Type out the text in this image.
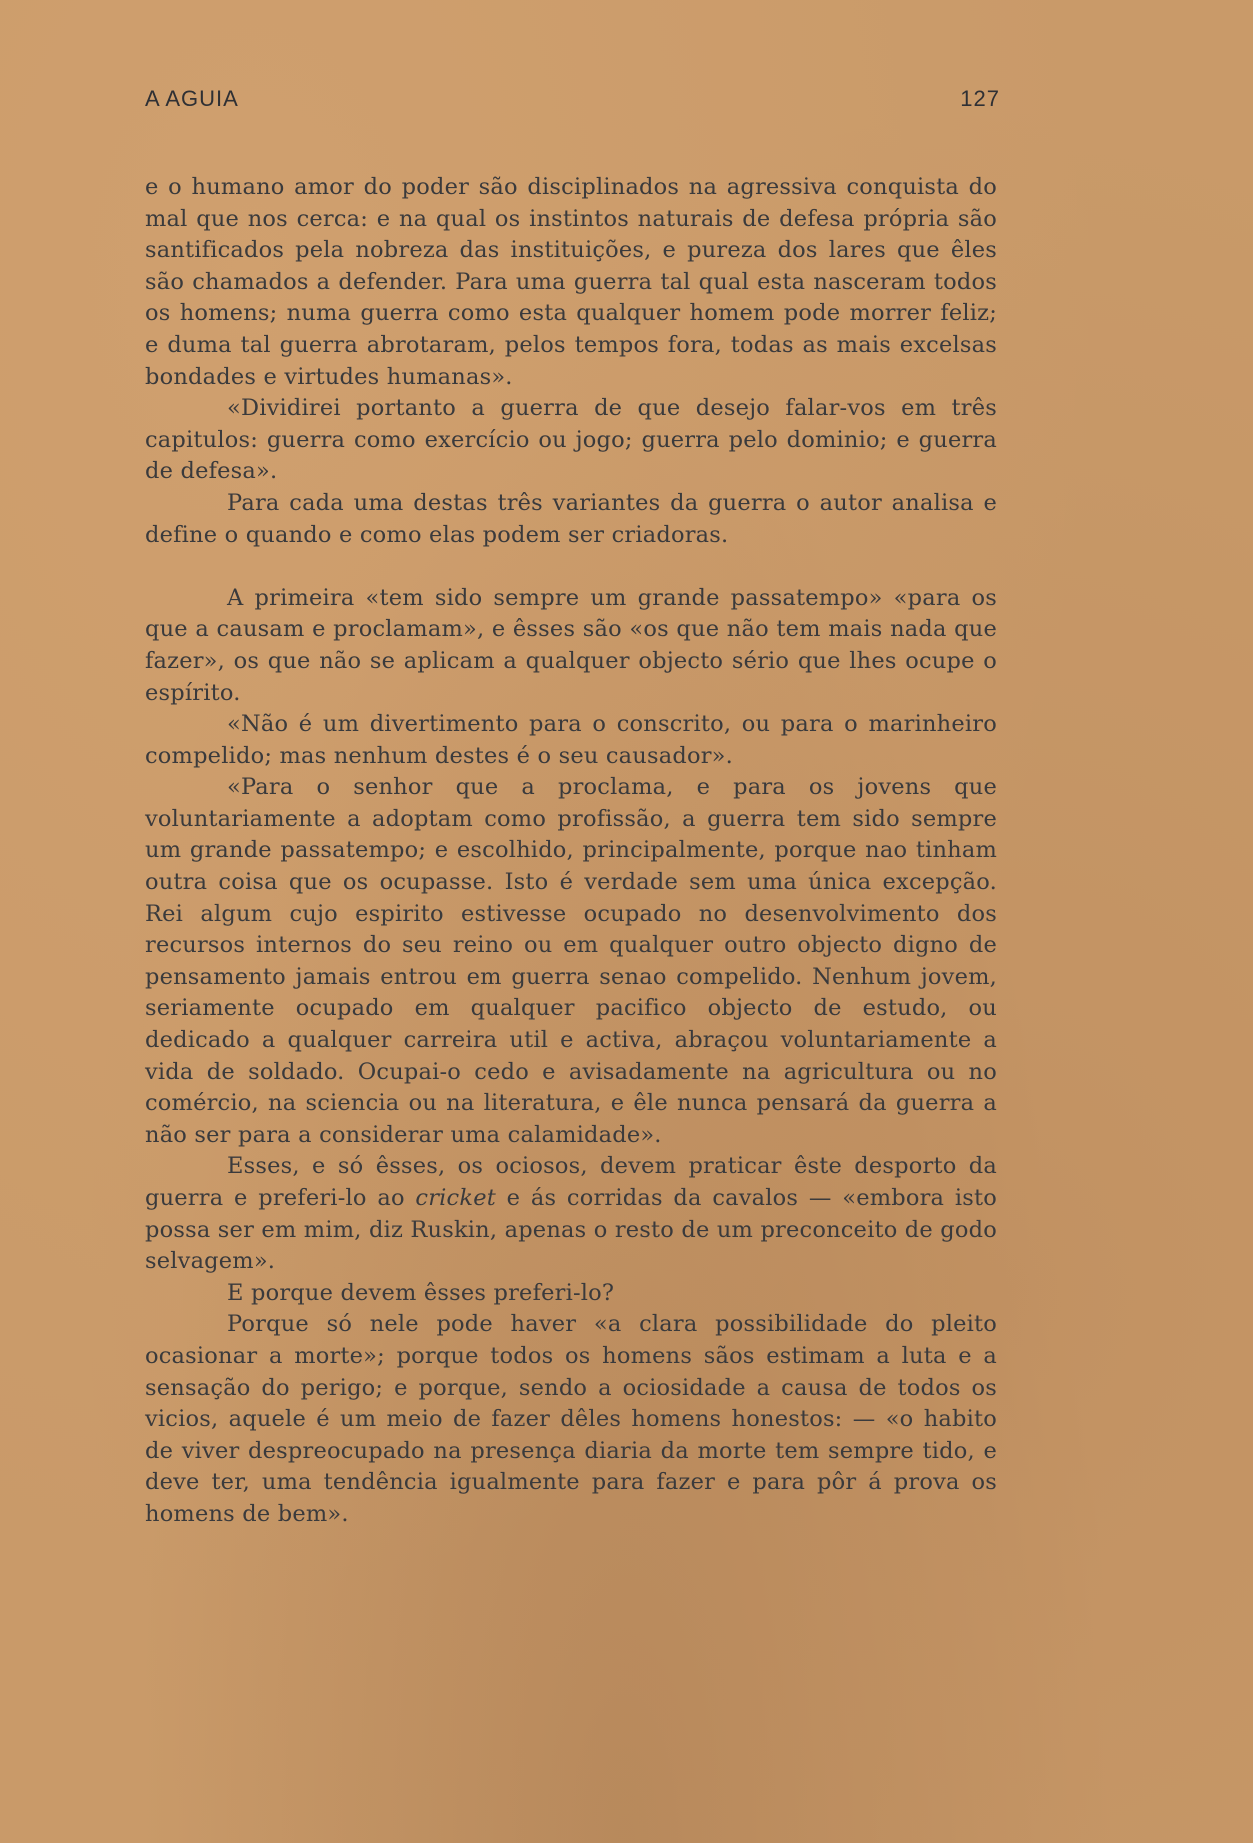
A AGUIA	127

e o humano amor do poder são disciplinados na agressiva conquista do mal que nos cerca: e na qual os instintos naturais de defesa própria são santificados pela nobreza das instituições, e pureza dos lares que êles são chamados a defender. Para uma guerra tal qual esta nasceram todos os homens; numa guerra como esta qualquer homem pode morrer feliz; e duma tal guerra abrotaram, pelos tempos fora, todas as mais excelsas bondades e virtudes humanas».

«Dividirei portanto a guerra de que desejo falar-vos em três capitulos: guerra como exercício ou jogo; guerra pelo dominio; e guerra de defesa».

Para cada uma destas três variantes da guerra o autor analisa e define o quando e como elas podem ser criadoras.

A primeira «tem sido sempre um grande passatempo» «para os que a causam e proclamam», e êsses são «os que não tem mais nada que fazer», os que não se aplicam a qualquer objecto sério que lhes ocupe o espírito.

«Não é um divertimento para o conscrito, ou para o marinheiro compelido; mas nenhum destes é o seu causador».

«Para o senhor que a proclama, e para os jovens que voluntariamente a adoptam como profissão, a guerra tem sido sempre um grande passatempo; e escolhido, principalmente, porque nao tinham outra coisa que os ocupasse. Isto é verdade sem uma única excepção. Rei algum cujo espirito estivesse ocupado no desenvolvimento dos recursos internos do seu reino ou em qualquer outro objecto digno de pensamento jamais entrou em guerra senao compelido. Nenhum jovem, seriamente ocupado em qualquer pacifico objecto de estudo, ou dedicado a qualquer carreira util e activa, abraçou voluntariamente a vida de soldado. Ocupai-o cedo e avisadamente na agricultura ou no comércio, na sciencia ou na literatura, e êle nunca pensará da guerra a não ser para a considerar uma calamidade».

Esses, e só êsses, os ociosos, devem praticar êste desporto da guerra e preferi-lo ao cricket e ás corridas da cavalos — «embora isto possa ser em mim, diz Ruskin, apenas o resto de um preconceito de godo selvagem».

E porque devem êsses preferi-lo?

Porque só nele pode haver «a clara possibilidade do pleito ocasionar a morte»; porque todos os homens sãos estimam a luta e a sensação do perigo; e porque, sendo a ociosidade a causa de todos os vicios, aquele é um meio de fazer dêles homens honestos: — «o habito de viver despreocupado na presença diaria da morte tem sempre tido, e deve ter, uma tendência igualmente para fazer e para pôr á prova os homens de bem».
